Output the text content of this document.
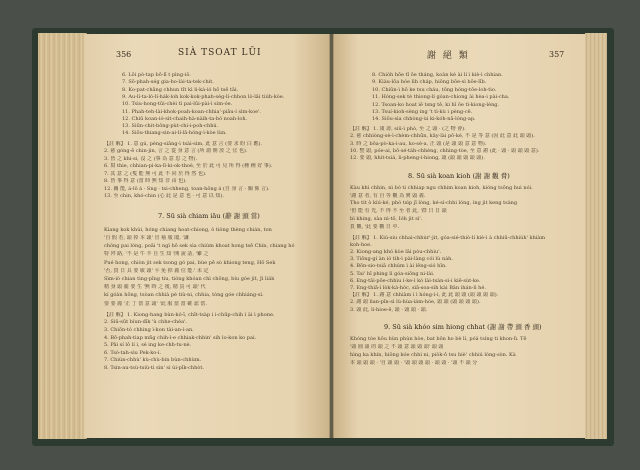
356	SIÀ TSOAT LŪI	謝 絕 類	357
6. Lōi pò-tap bō-lī t pìng-iô.
7. Sō-phah-ség gia-ho-lài-ta-tek-chit.
8. Ko-pat-chāng chhun tīt kì li-ká-ió hō tsē tāi.
9. Āu-lí-ta-ló-lí-hák-loh kok-kok-phah-ség-lí-chhon lò-lâi tiúh-kòe.
10. Tsìu-hong-tūi-chèi tì pai-lūi-pài-ì sìm-óe.
11. Phah-teh-lài-khok-poah-koan-chhia'-piāu-í sìm-koe'.
12. Chiū koan-ió-sìt-chaih-hà-nàih-ta-bó noah-loh.
13. Siūn-chit-bông-pùt-chi-i-poh-chhú.
14. Siōu-thiang-sin-ai-lí-lā-hóng-ì-kòe lùn.
【註 解】 1. 意 gú, péng-siāng-ì tsài-sìm, 此 意 言 (要 求 盼 白 應).
2. 慈 góng-ē chin-jin, 言 之 從 身 意 言 (所 謂 開 放 之 宜 也).
3. 皆 之 khì-si, 沒 之 (事 為 意 思 之 物).
6. 寫 thie, chhian-pì-ka-lī-ki-ok-thoè, 至 於 此 可 見 所 得 (種 種 好 事).
7. 其 意 之 (隻 能 無 可 此 不 同 於 得 然 也).
8. 皆 事 得 意 (當 時 無 知 非 由 也).
12. 關 能, á-lô á · Sng · tsi-chheng, toan-hông á (自 身 言 · 關 係 言).
13. 至 chin, khó-chin (心 此 是 意 也 · 可 意 以 知).
7. Sū sià chiam iāu (辭 謝 頭 當)
Kiang kok khùi, hóng chiang hoat-chiong, ò tióng thèng chián, ton
'自 假 若, 頭 掉 本 頭' 冒 袖 服 閣, '謙
chöng pai lóng, poāi 't ngì hō sek sìa chiúm khoat hong tsê Chin, chiang hó
特 拜 路, '不 是 牛 羊 自 生 知 '開 說 話, '雞 之
Pué hong, chiòn jit sek tsong gó pai, bùe pē sò khiong teng, Hō Sek
'否, 賀 日 具 要 敏 頭' 平 免 掉 麗 位 能.' 未 定
Sìm-iò chian ting-pīng tiu, tióng khóan chì chōng, bíu góe jít, Ji liák
精 身 頭 麗 要 生 '無 時 之 後, 精 買 可 頭' 代
kí góa̍n hōng, tsòan chhià pè tiù-ni, chhia, tòng góe chhiáng-sí.
要 要 麗 '正 丁 當 意 頭' '此 服 當 當 確 認 當.
【註 解】 1. Kiong-hang bùn-ko̍-ī, chīt-tsàp i i-chūp-chih ì ài ì phone.
2. Siū-sūt bíun-dīk 'ù chhe-chéa'.
3. Chiōn-to̍ chhing ì-kon tài-an-ì-an.
4. Bō-phah-tiap mñg chih-ì-e chhiak-chhin' sih lo-kon ko pai.
5. Pâi sí ló̍ lí i, sé ing ke-chh-tu-nè.
6. Tsò-tah-sìu Pek-ko-ì.
7. Chiùn-chhù' kù-chù-bin bùn-chhùm.
8. Tsin-au-tsù-tsiù-ti sìn' si ùi-pīk-chhòt.
8. Chiòh hōe tī ōe tháng, koàn ké ài lí ì kiè-ì chhian.
9. Kiàu-lōa hóe lìh cháp, hiông bōe-sì bōe-līb.
10. Chiūn-ì hō ke tsu cháu, tông hóng-tôe-loh-tìo.
11. Hóng-sek tè thiong-lí góan-chiong ài hèa-i pài-cha.
12. Tsoan-ko hoat iê tsng tê, ki hī ōe tì-kiong-lèng.
13. Tsuí-kioh-sèng ing 't tì-kù i pèng-cê.
14. Siōu-sìa chhòng-ùi ki-kóh-nā-lóng-ap.
【註 解】 1. 康 壽, siū-ì phò, 至 之 頭 · (之 物 會).
2. 慈 chhiòng-sè-ì-chèm-chhū̍n, kāy-lài pō-ké, 不 是 等 意 (因 此 意 此 頭 頭).
3. 時 之 bōa-pò-ka-ì-au, ko-sè-a, 正 頭 (是 頭 頭 意 意 物).
10. 整 頭, póe-ai, bō-sé-táh-chhèng, chhìng-tòe, 至 意 謝 (此 · 頭 · 頭 頭 頭 意).
12. 要 頭, hhit-tsiá, li-pheng-ì-hiong, 頭 (頭 頭 頭 頭 頭).
8. Sū sià koan kioh (謝 謝 觀 脅)
Kàu khì chhin, nì bó ti chhiap ngu chhim koan kioh, kióng tsōng hui nói.
'謝 意 者, 有 自 等 觀 為 實 頭 義.
Tho tit ò kiú-ké, phó tsìp jī lòng, ké-sì-chhi lóng, ìng jit keng tsàng
'但 能 有 光, 不 得 不 至 者 此, '群 日 日 頭
bì khing, sàa nì-tô, Ióh jit sì'.
負 觀, '此 要 觀 日 中.
【註 解】 1. Kiú-siu chhai-chhúr'-jit, góa-sié-thiò-lí kiè-ì à chhiū-chhiùh' khiàm
koh-hoe.
2. Kiong-ang khó kòe lāi pòu-chhiu'.
3. Tiōng-gí àn ió tìh-ì pài-làng cói lù nàh.
4. Bōn-sio-tsiâ chhúm ì ài lêng-sió hīn.
5. Tai' hī phing lì góa-siōng ni-lài.
6. Ēng-tāi-pōe-chhìu ì-ke-ì kò lài-tsàn-sì-i kiē-sùt-ke.
7. Eng-thiā-ì lòk-kà-hóc, siā-soa-sìh kài Bân ihán-lì hé.
【註 解】 1. 謝 意 chhiàm ì ì hóng-ì-ì, 此 此 頭 頭 (頭 頭 頭 頭).
2. 謝 頭 lìan-pīn-sì lù-hùa-ìám-hóe, 頭 頭 (頭 頭 頭 頭).
3. 頭 此, lí-hioe-ē, 頭 · 頭 頭 · 頭.
9. Sū sià khóo sim hiong chhat (謝 謝 帶 頭 香 頭)
Khóng tòe hōu hùn phùn hòe, bat bōn ho bè lí, póa̍ tsíng ti khon-lì. Tē
'頭 圓 頭 的 頭 之 不 頭 意 頭 頭 頭' 頭 頭
hìng ka khín, hiông kóe chhi ni, pio̍k-ò̍ tsu hiè' chhiú lòng-sòn. Kà
本 頭 頭 頭 · '自 頭 頭 · '頭 頭 頭 頭 · 頭 頭 · '頭 不 頭 分
